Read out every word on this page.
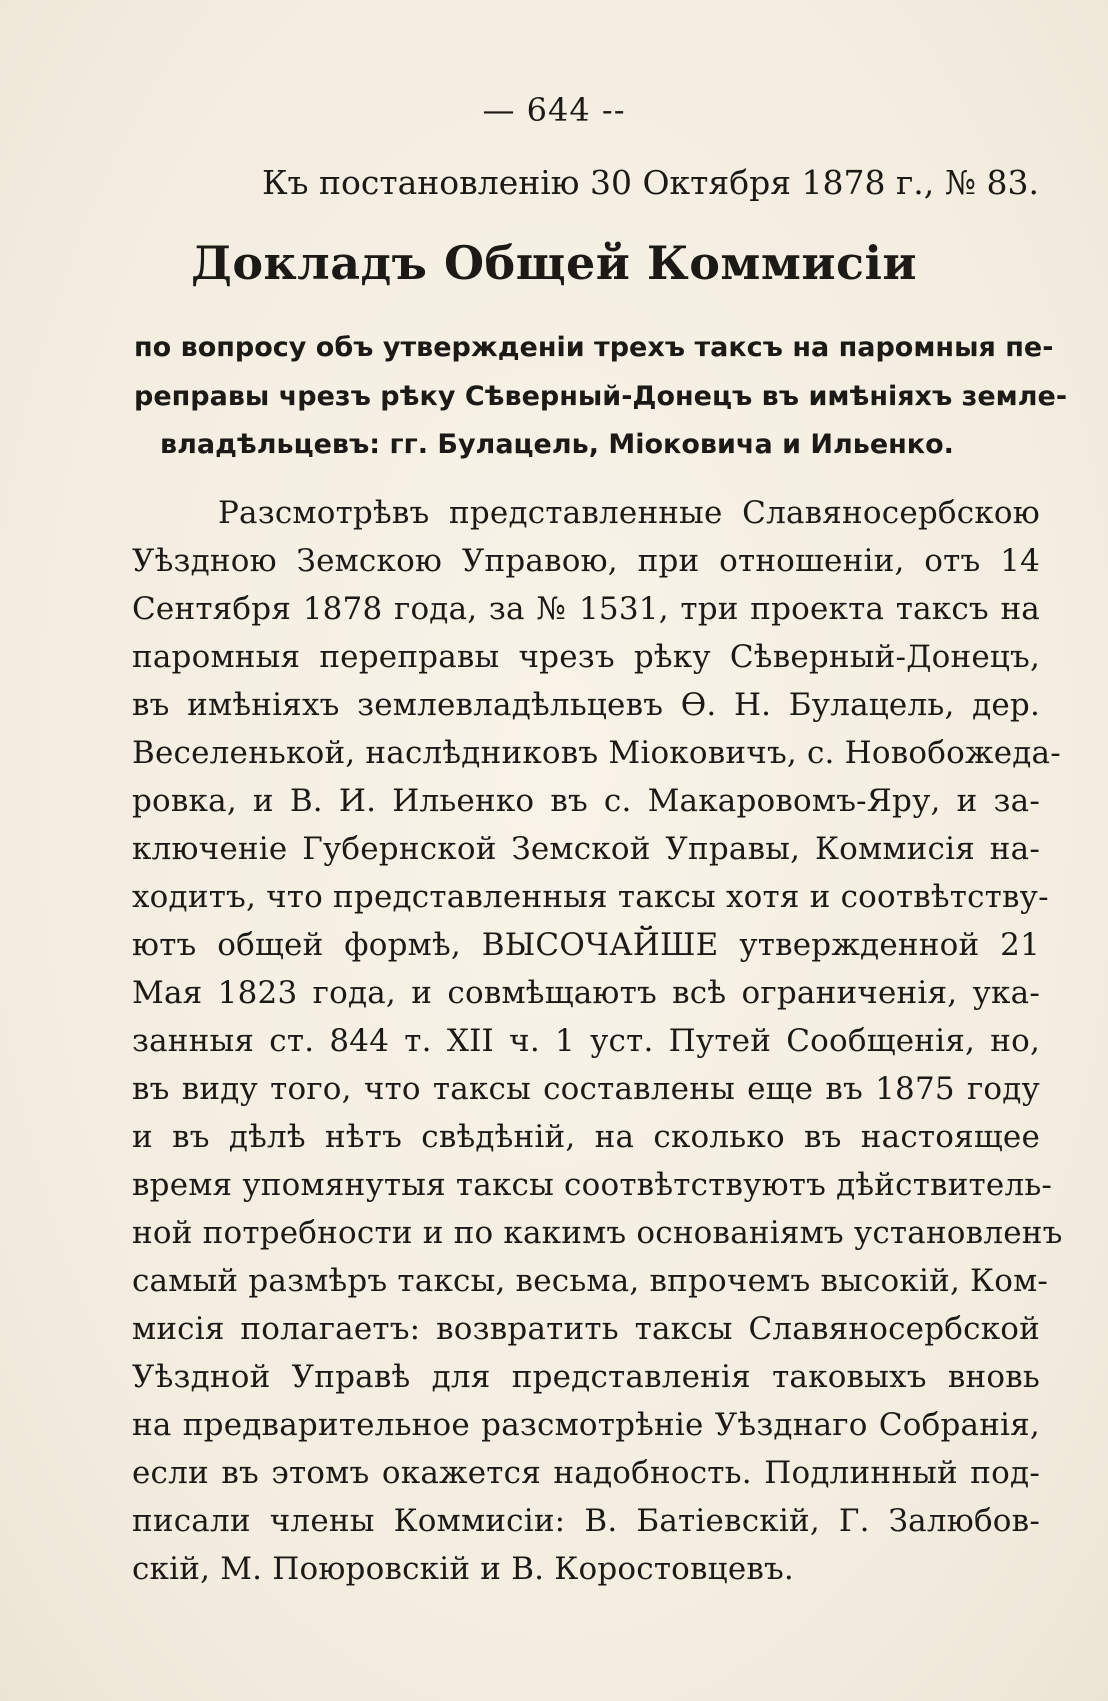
— 644 --
Къ постановленію 30 Октября 1878 г., № 83.
Докладъ Общей Коммисіи
по вопросу объ утвержденіи трехъ таксъ на паромныя пе-
реправы чрезъ рѣку Сѣверный-Донецъ въ имѣніяхъ земле-
владѣльцевъ: гг. Булацель, Міоковича и Ильенко.
Разсмотрѣвъ представленные Славяносербскою
Уѣздною Земскою Управою, при отношеніи, отъ 14
Сентября 1878 года, за № 1531, три проекта таксъ на
паромныя переправы чрезъ рѣку Сѣверный-Донецъ,
въ имѣніяхъ землевладѣльцевъ Ѳ. Н. Булацель, дер.
Веселенькой, наслѣдниковъ Міоковичъ, с. Новобожеда-
ровка, и В. И. Ильенко въ с. Макаровомъ-Яру, и за-
ключеніе Губернской Земской Управы, Коммисія на-
ходитъ, что представленныя таксы хотя и соотвѣтству-
ютъ общей формѣ, ВЫСОЧАЙШЕ утвержденной 21
Мая 1823 года, и совмѣщаютъ всѣ ограниченія, ука-
занныя ст. 844 т. XII ч. 1 уст. Путей Сообщенія, но,
въ виду того, что таксы составлены еще въ 1875 году
и въ дѣлѣ нѣтъ свѣдѣній, на сколько въ настоящее
время упомянутыя таксы соотвѣтствуютъ дѣйствитель-
ной потребности и по какимъ основаніямъ установленъ
самый размѣръ таксы, весьма, впрочемъ высокій, Ком-
мисія полагаетъ: возвратить таксы Славяносербской
Уѣздной Управѣ для представленія таковыхъ вновь
на предварительное разсмотрѣніе Уѣзднаго Собранія,
если въ этомъ окажется надобность. Подлинный под-
писали члены Коммисіи: В. Батіевскій, Г. Залюбов-
скій, М. Поюровскій и В. Коростовцевъ.
